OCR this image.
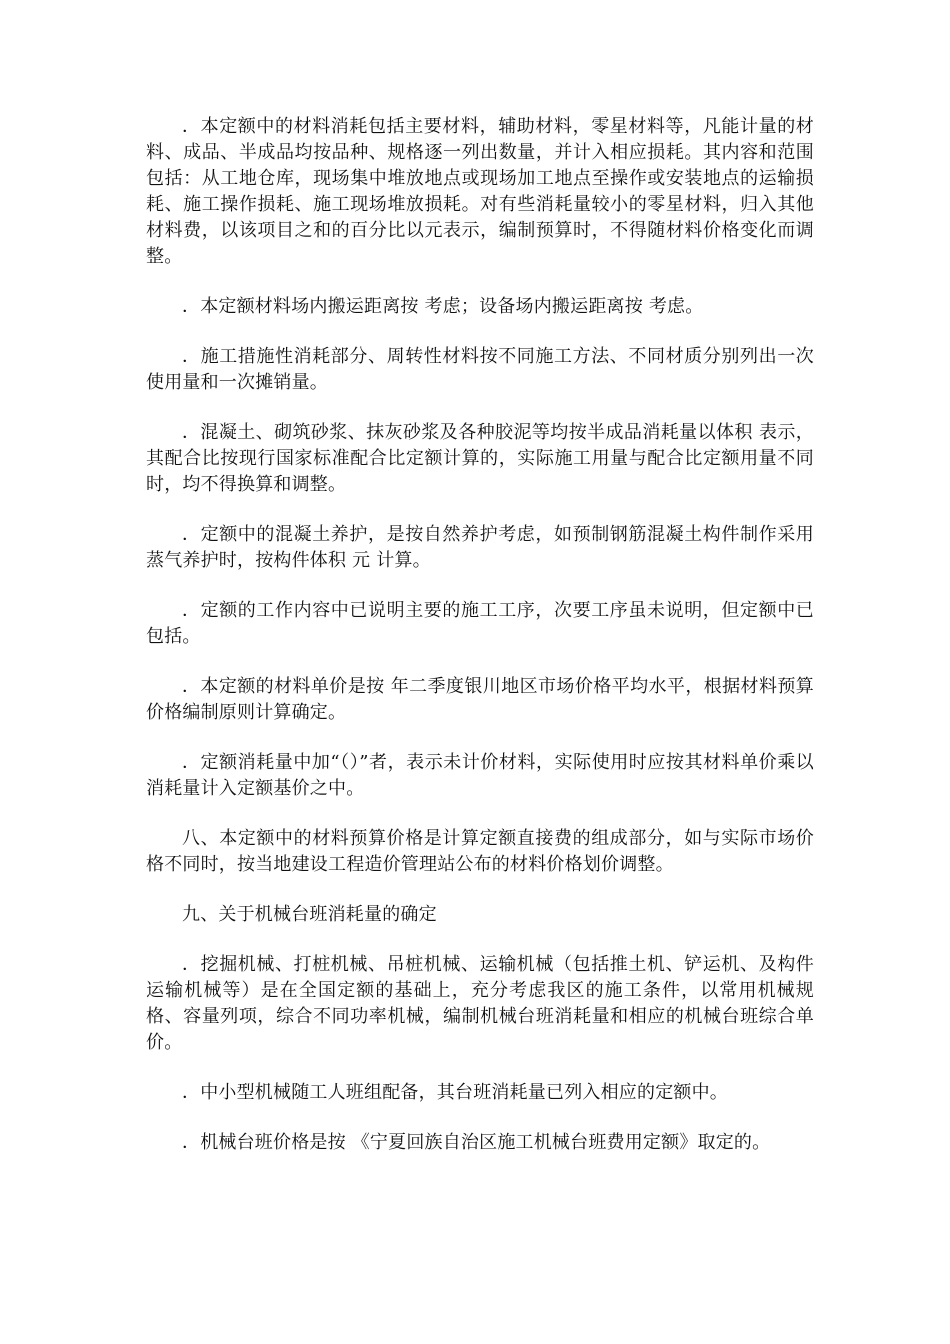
．本定额中的材料消耗包括主要材料，辅助材料，零星材料等，凡能计量的材料、成品、半成品均按品种、规格逐一列出数量，并计入相应损耗。其内容和范围包括：从工地仓库，现场集中堆放地点或现场加工地点至操作或安装地点的运输损耗、施工操作损耗、施工现场堆放损耗。对有些消耗量较小的零星材料，归入其他材料费，以该项目之和的百分比以元表示，编制预算时，不得随材料价格变化而调整。

．本定额材料场内搬运距离按 考虑；设备场内搬运距离按 考虑。

．施工措施性消耗部分、周转性材料按不同施工方法、不同材质分别列出一次使用量和一次摊销量。

．混凝土、砌筑砂浆、抹灰砂浆及各种胶泥等均按半成品消耗量以体积 表示，其配合比按现行国家标准配合比定额计算的，实际施工用量与配合比定额用量不同时，均不得换算和调整。

．定额中的混凝土养护，是按自然养护考虑，如预制钢筋混凝土构件制作采用蒸气养护时，按构件体积 元 计算。

．定额的工作内容中已说明主要的施工工序，次要工序虽未说明，但定额中已包括。

．本定额的材料单价是按 年二季度银川地区市场价格平均水平，根据材料预算价格编制原则计算确定。

．定额消耗量中加“（）”者，表示未计价材料，实际使用时应按其材料单价乘以消耗量计入定额基价之中。

八、本定额中的材料预算价格是计算定额直接费的组成部分，如与实际市场价格不同时，按当地建设工程造价管理站公布的材料价格划价调整。

九、关于机械台班消耗量的确定

．挖掘机械、打桩机械、吊桩机械、运输机械（包括推土机、铲运机、及构件运输机械等）是在全国定额的基础上，充分考虑我区的施工条件，以常用机械规格、容量列项，综合不同功率机械，编制机械台班消耗量和相应的机械台班综合单价。

．中小型机械随工人班组配备，其台班消耗量已列入相应的定额中。

．机械台班价格是按 《宁夏回族自治区施工机械台班费用定额》取定的。
